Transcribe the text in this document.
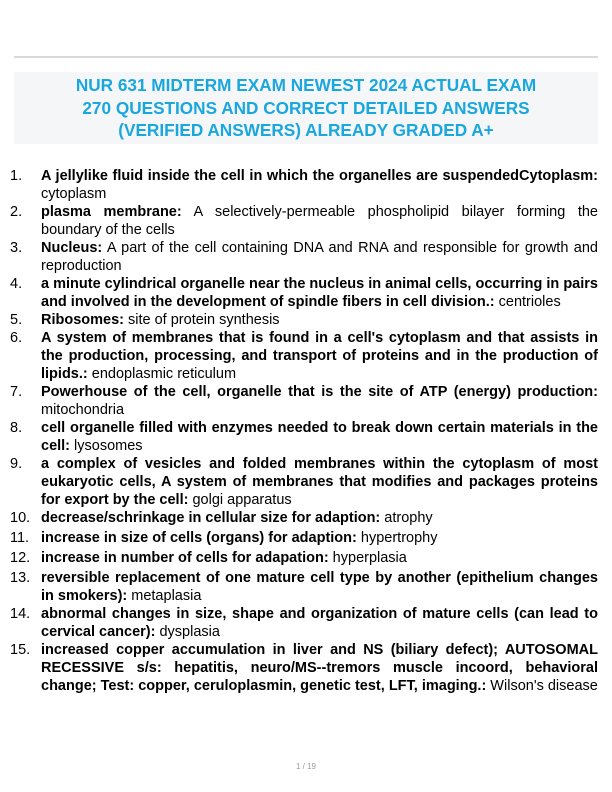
NUR 631 MIDTERM EXAM NEWEST 2024 ACTUAL EXAM
270 QUESTIONS AND CORRECT DETAILED ANSWERS
(VERIFIED ANSWERS) ALREADY GRADED A+
1.	A jellylike fluid inside the cell in which the organelles are suspendedCytoplasm: cytoplasm
2.	plasma membrane: A selectively-permeable phospholipid bilayer forming the boundary of the cells
3.	Nucleus: A part of the cell containing DNA and RNA and responsible for growth and reproduction
4.	a minute cylindrical organelle near the nucleus in animal cells, occurring in pairs and involved in the development of spindle fibers in cell division.: centrioles
5.	Ribosomes: site of protein synthesis
6.	A system of membranes that is found in a cell's cytoplasm and that assists in the production, processing, and transport of proteins and in the production of lipids.: endoplasmic reticulum
7.	Powerhouse of the cell, organelle that is the site of ATP (energy) production: mitochondria
8.	cell organelle filled with enzymes needed to break down certain materials in the cell: lysosomes
9.	a complex of vesicles and folded membranes within the cytoplasm of most eukaryotic cells, A system of membranes that modifies and packages proteins for export by the cell: golgi apparatus
10. decrease/schrinkage in cellular size for adaption: atrophy
11. increase in size of cells (organs) for adaption: hypertrophy
12. increase in number of cells for adapation: hyperplasia
13. reversible replacement of one mature cell type by another (epithelium changes in smokers): metaplasia
14. abnormal changes in size, shape and organization of mature cells (can lead to cervical cancer): dysplasia
15. increased copper accumulation in liver and NS (biliary defect); AUTOSOMAL RECESSIVE s/s: hepatitis, neuro/MS--tremors muscle incoord, behavioral change; Test: copper, ceruloplasmin, genetic test, LFT, imaging.: Wilson's disease
1 / 19
